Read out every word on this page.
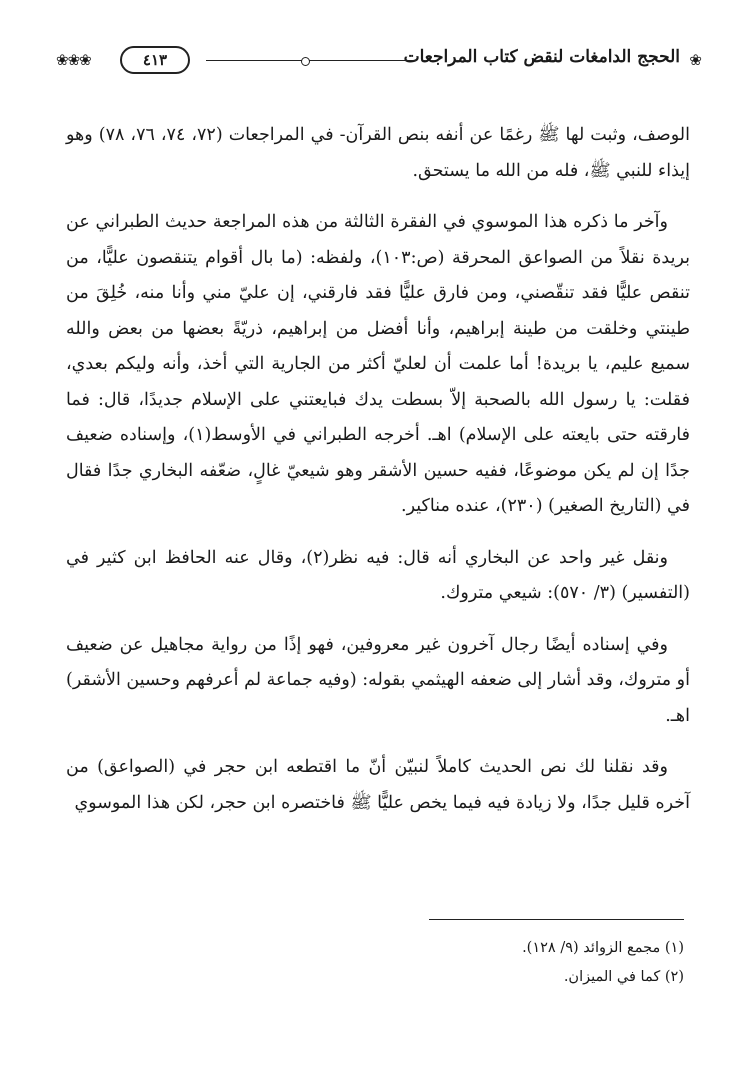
❀
الحجج الدامغات لنقض كتاب المراجعات
٤١٣
❀❀❀

الوصف، وثبت لها ﷺ رغمًا عن أنفه بنص القرآن- في المراجعات (٧٢، ٧٤، ٧٦، ٧٨) وهو إيذاء للنبي ﷺ، فله من الله ما يستحق.

وآخر ما ذكره هذا الموسوي في الفقرة الثالثة من هذه المراجعة حديث الطبراني عن بريدة نقلاً من الصواعق المحرقة (ص:١٠٣)، ولفظه: (ما بال أقوام يتنقصون عليًّا، من تنقص عليًّا فقد تنقّصني، ومن فارق عليًّا فقد فارقني، إن عليّ مني وأنا منه، خُلِقَ من طينتي وخلقت من طينة إبراهيم، وأنا أفضل من إبراهيم، ذريّةً بعضها من بعض والله سميع عليم، يا بريدة! أما علمت أن لعليّ أكثر من الجارية التي أخذ، وأنه وليكم بعدي، فقلت: يا رسول الله بالصحبة إلاّ بسطت يدك فبايعتني على الإسلام جديدًا، قال: فما فارقته حتى بايعته على الإسلام) اهـ. أخرجه الطبراني في الأوسط(١)، وإسناده ضعيف جدًا إن لم يكن موضوعًا، ففيه حسين الأشقر وهو شيعيّ غالٍ، ضعّفه البخاري جدًا فقال في (التاريخ الصغير) (٢٣٠)، عنده مناكير.

ونقل غير واحد عن البخاري أنه قال: فيه نظر(٢)، وقال عنه الحافظ ابن كثير في (التفسير) (٣/ ٥٧٠): شيعي متروك.

وفي إسناده أيضًا رجال آخرون غير معروفين، فهو إذًا من رواية مجاهيل عن ضعيف أو متروك، وقد أشار إلى ضعفه الهيثمي بقوله: (وفيه جماعة لم أعرفهم وحسين الأشقر) اهـ.

وقد نقلنا لك نص الحديث كاملاً لنبيّن أنّ ما اقتطعه ابن حجر في (الصواعق) من آخره قليل جدًا، ولا زيادة فيه فيما يخص عليًّا ﷺ فاختصره ابن حجر، لكن هذا الموسوي

(١) مجمع الزوائد (٩/ ١٢٨).
(٢) كما في الميزان.
